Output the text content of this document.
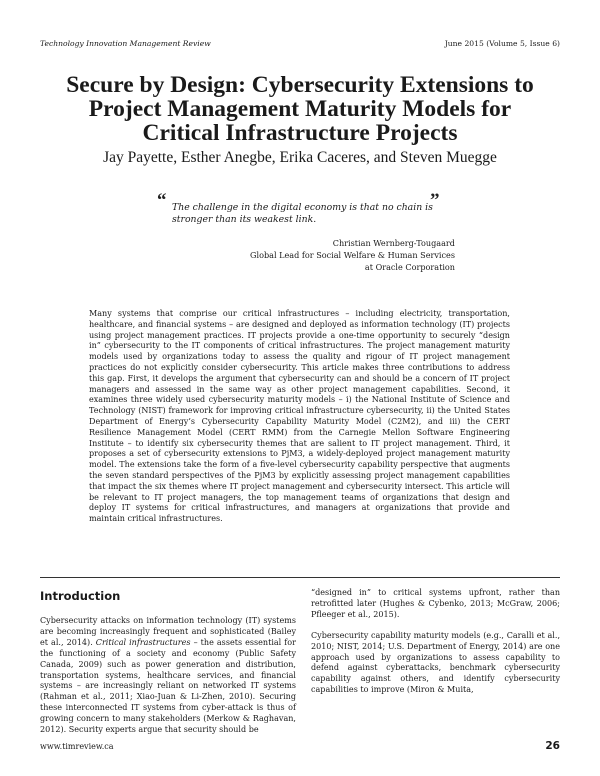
Technology Innovation Management Review	June 2015 (Volume 5, Issue 6)
Secure by Design: Cybersecurity Extensions to
Project Management Maturity Models for
Critical Infrastructure Projects
Jay Payette, Esther Anegbe, Erika Caceres, and Steven Muegge
“	”
The challenge in the digital economy is that no chain is stronger than its weakest link.
Christian Wernberg-Tougaard
Global Lead for Social Welfare & Human Services
at Oracle Corporation

Many systems that comprise our critical infrastructures – including electricity, transportation, healthcare, and financial systems – are designed and deployed as information technology (IT) projects using project management practices. IT projects provide a one-time opportunity to securely “design in” cybersecurity to the IT components of critical infrastructures. The project management maturity models used by organizations today to assess the quality and rigour of IT project management practices do not explicitly consider cybersecurity. This article makes three contributions to address this gap. First, it develops the argument that cybersecurity can and should be a concern of IT project managers and assessed in the same way as other project management capabilities. Second, it examines three widely used cybersecurity maturity models – i) the National Institute of Science and Technology (NIST) framework for improving critical infrastructure cybersecurity, ii) the United States Department of Energy’s Cybersecurity Capability Maturity Model (C2M2), and iii) the CERT Resilience Management Model (CERT RMM) from the Carnegie Mellon Software Engineering Institute – to identify six cybersecurity themes that are salient to IT project management. Third, it proposes a set of cybersecurity extensions to PjM3, a widely-deployed project management maturity model. The extensions take the form of a five-level cybersecurity capability perspective that augments the seven standard perspectives of the PjM3 by explicitly assessing project management capabilities that impact the six themes where IT project management and cybersecurity intersect. This article will be relevant to IT project managers, the top management teams of organizations that design and deploy IT systems for critical infrastructures, and managers at organizations that provide and maintain critical infrastructures.

Introduction

Cybersecurity attacks on information technology (IT) systems are becoming increasingly frequent and sophisticated (Bailey et al., 2014). Critical infrastructures – the assets essential for the functioning of a society and economy (Public Safety Canada, 2009) such as power generation and distribution, transportation systems, healthcare services, and financial systems – are increasingly reliant on networked IT systems (Rahman et al., 2011; Xiao-Juan & Li-Zhen, 2010). Securing these interconnected IT systems from cyber-attack is thus of growing concern to many stakeholders (Merkow & Raghavan, 2012). Security experts argue that security should be

“designed in” to critical systems upfront, rather than retrofitted later (Hughes & Cybenko, 2013; McGraw, 2006; Pfleeger et al., 2015).

Cybersecurity capability maturity models (e.g., Caralli et al., 2010; NIST, 2014; U.S. Department of Energy, 2014) are one approach used by organizations to assess capability to defend against cyberattacks, benchmark cybersecurity capability against others, and identify cybersecurity capabilities to improve (Miron & Muita,

www.timreview.ca	26
